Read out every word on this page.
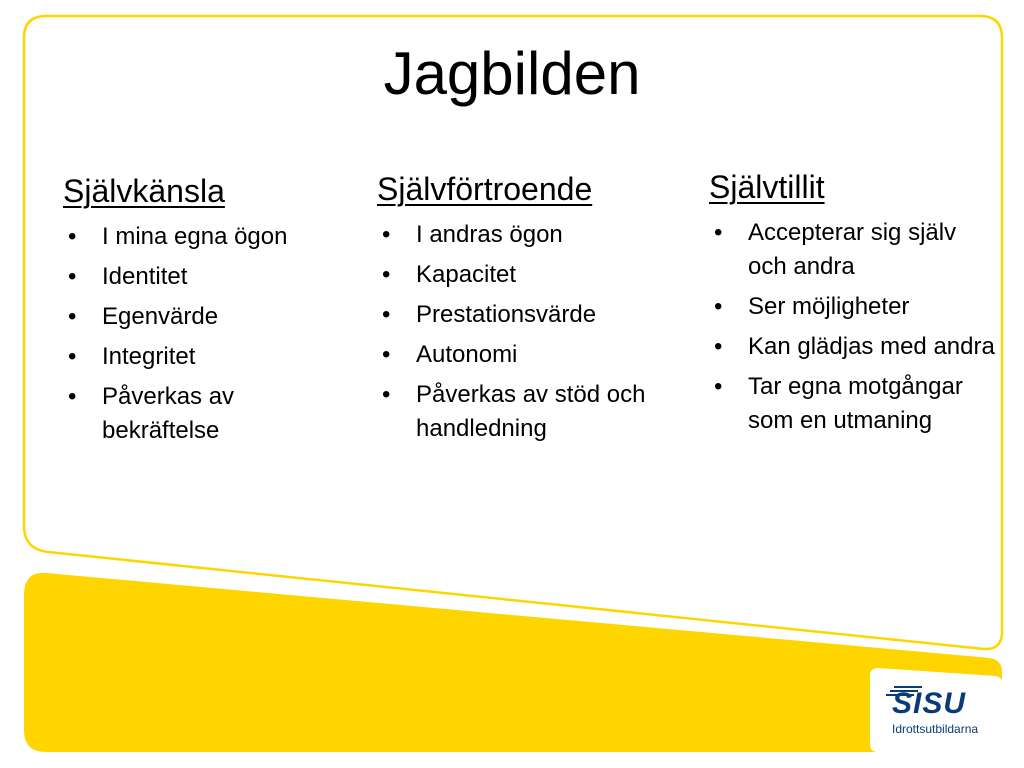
Jagbilden
Självkänsla
• I mina egna ögon
• Identitet
• Egenvärde
• Integritet
• Påverkas av bekräftelse
Självförtroende
• I andras ögon
• Kapacitet
• Prestationsvärde
• Autonomi
• Påverkas av stöd och handledning
Självtillit
• Accepterar sig själv och andra
• Ser möjligheter
• Kan glädjas med andra
• Tar egna motgångar som en utmaning
SISU
Idrottsutbildarna
